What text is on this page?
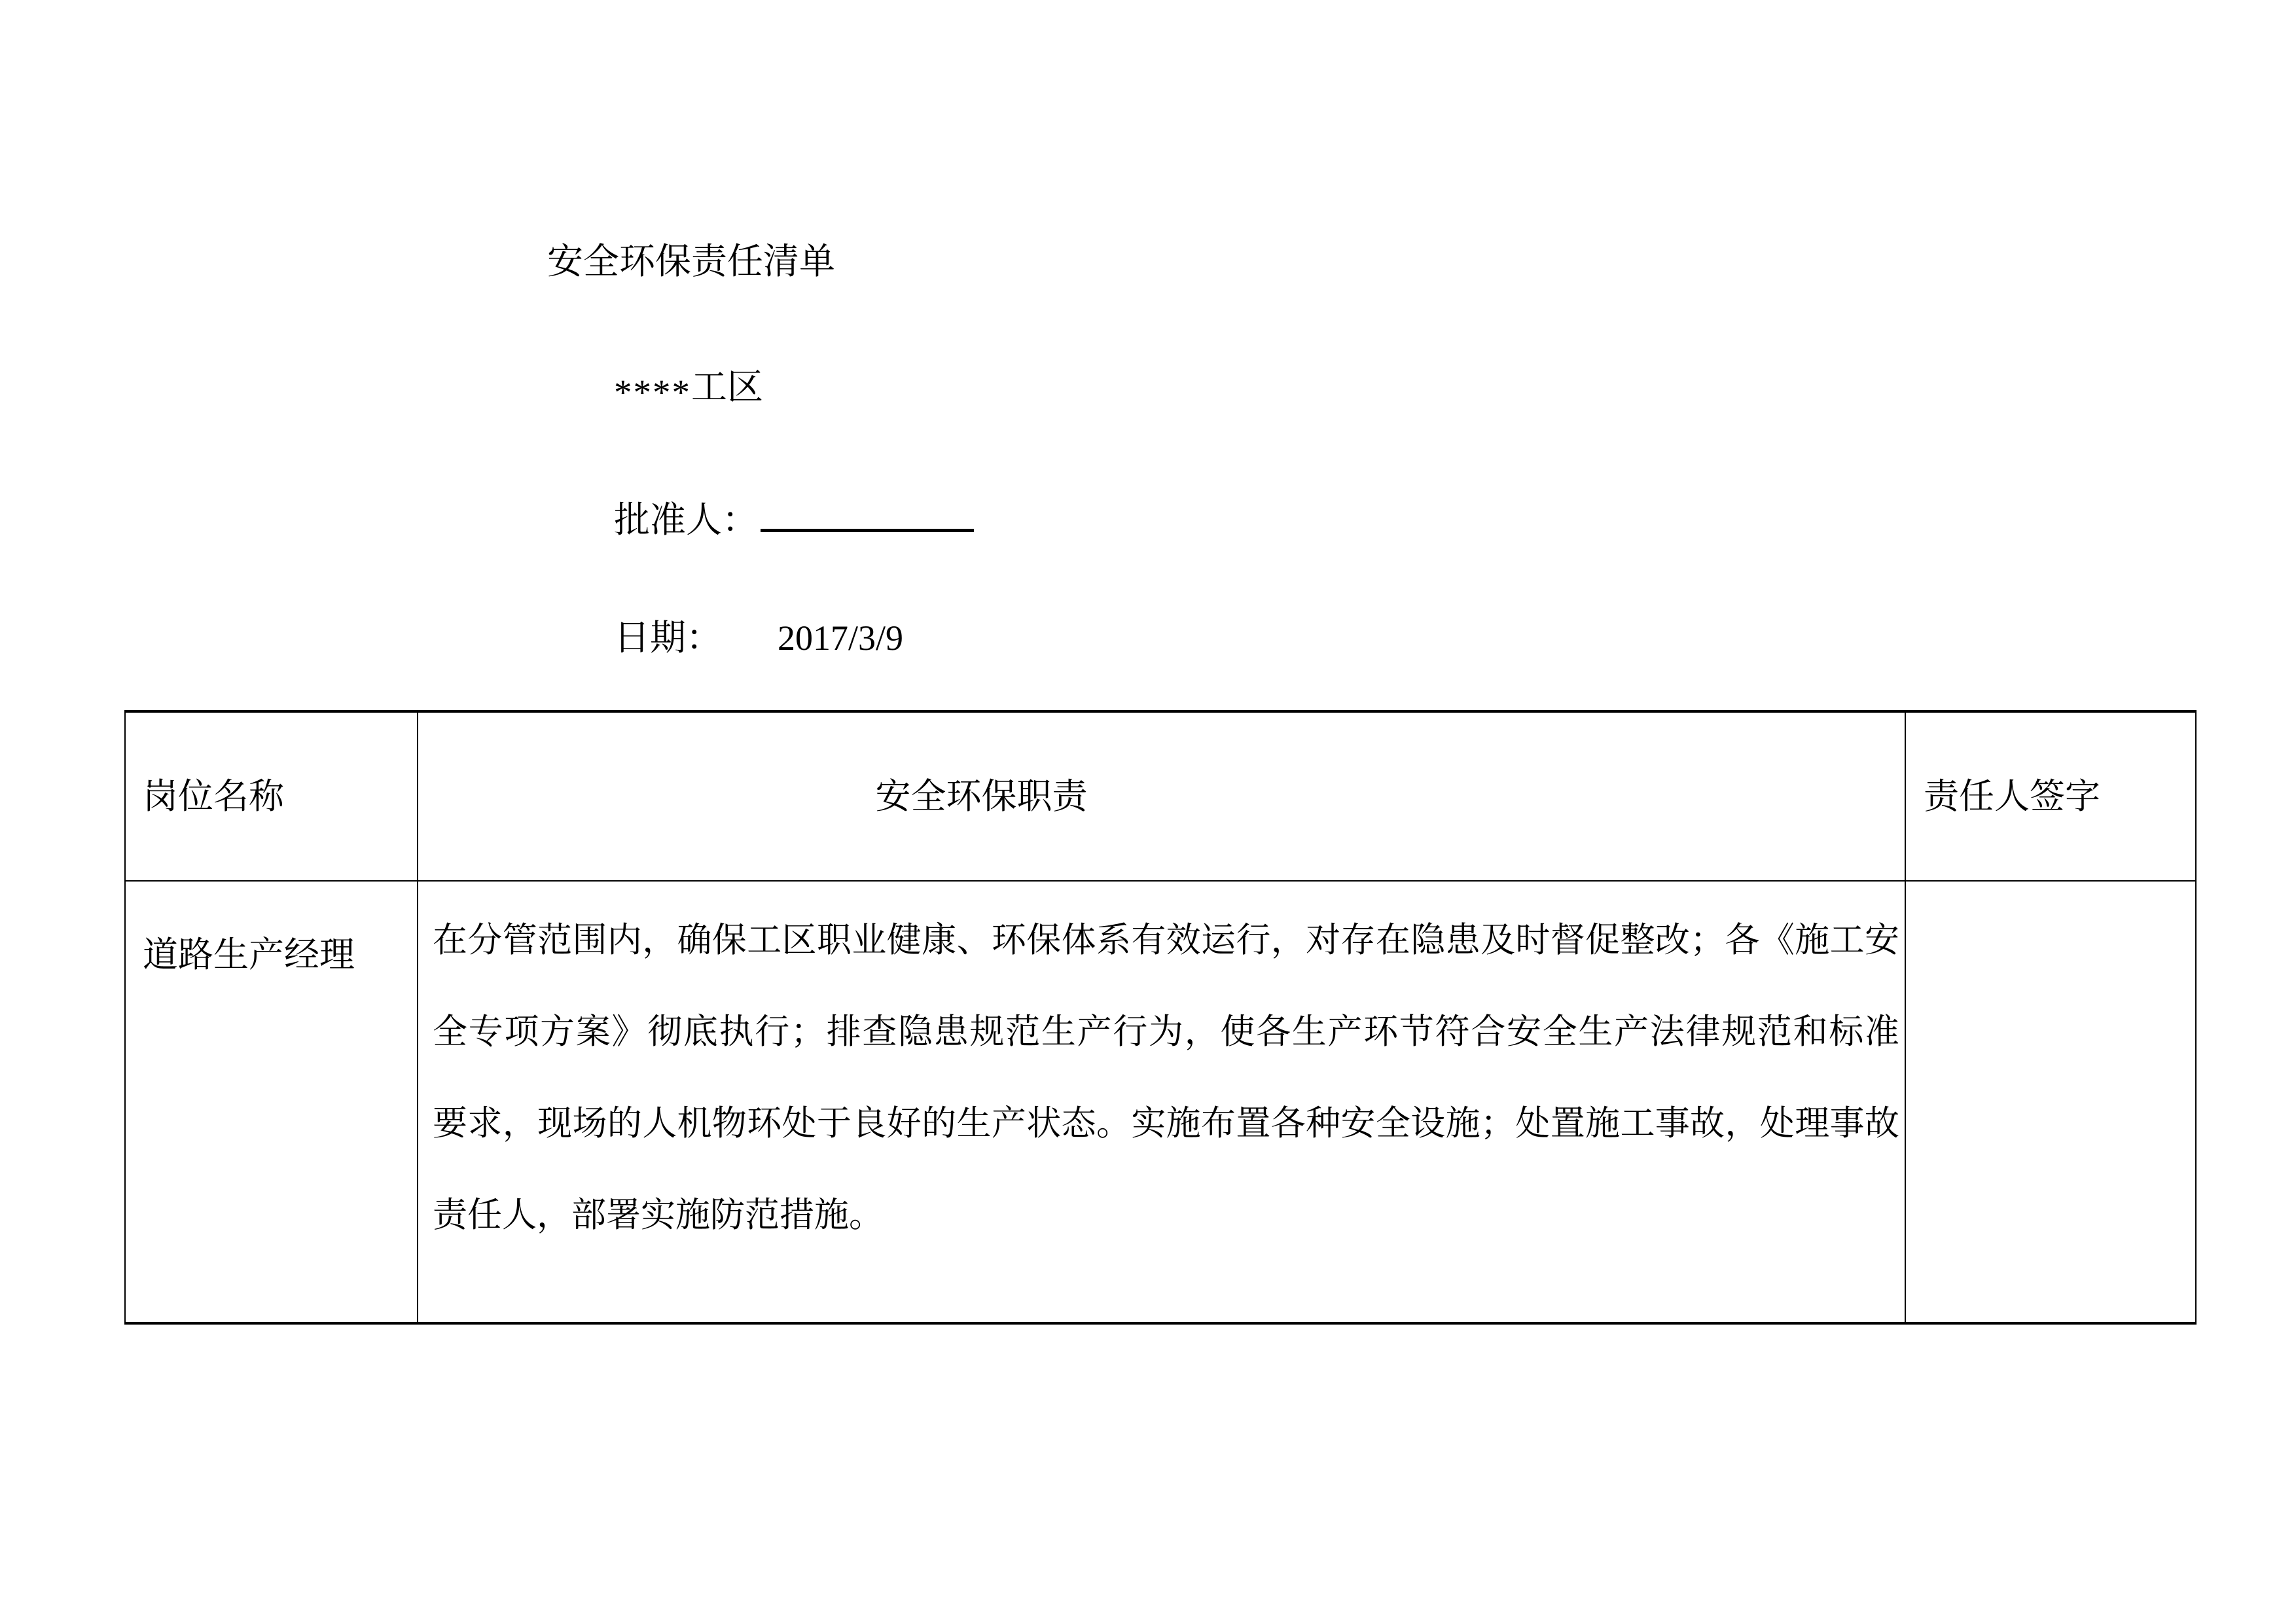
安全环保责任清单
****工区
批准人：
日期： 2017/3/9
岗位名称	安全环保职责	责任人签字
道路生产经理	在分管范围内，确保工区职业健康、环保体系有效运行，对存在隐患及时督促整改；各《施工安
全专项方案》彻底执行；排查隐患规范生产行为，使各生产环节符合安全生产法律规范和标准
要求，现场的人机物环处于良好的生产状态。实施布置各种安全设施；处置施工事故，处理事故
责任人，部署实施防范措施。
